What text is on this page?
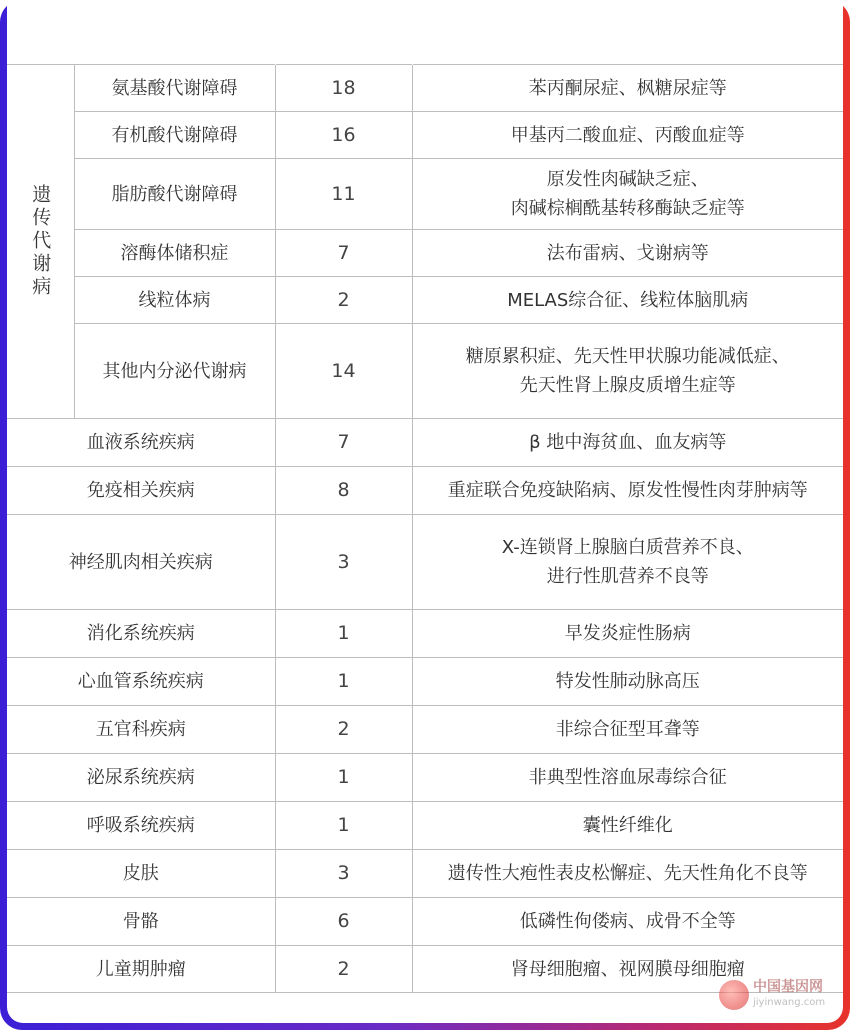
疾病类别		疾病数目	部分疾病示例
遗传代谢病	氨基酸代谢障碍	18	苯丙酮尿症、枫糖尿症等

	有机酸代谢障碍	16	甲基丙二酸血症、丙酸血症等

	脂肪酸代谢障碍	11	原发性肉碱缺乏症、
肉碱棕榈酰基转移酶缺乏症等

	溶酶体储积症	7	法布雷病、戈谢病等

	线粒体病	2	MELAS综合征、线粒体脑肌病

	其他内分泌代谢病	14	糖原累积症、先天性甲状腺功能减低症、
先天性肾上腺皮质增生症等

血液系统疾病		7	β 地中海贫血、血友病等

免疫相关疾病		8	重症联合免疫缺陷病、原发性慢性肉芽肿病等

神经肌肉相关疾病		3	X-连锁肾上腺脑白质营养不良、
进行性肌营养不良等

消化系统疾病		1	早发炎症性肠病

心血管系统疾病		1	特发性肺动脉高压

五官科疾病		2	非综合征型耳聋等

泌尿系统疾病		1	非典型性溶血尿毒综合征

呼吸系统疾病		1	囊性纤维化

皮肤		3	遗传性大疱性表皮松懈症、先天性角化不良等

骨骼		6	低磷性佝偻病、成骨不全等

儿童期肿瘤		2	肾母细胞瘤、视网膜母细胞瘤
中国基因网
jiyinwang.com
